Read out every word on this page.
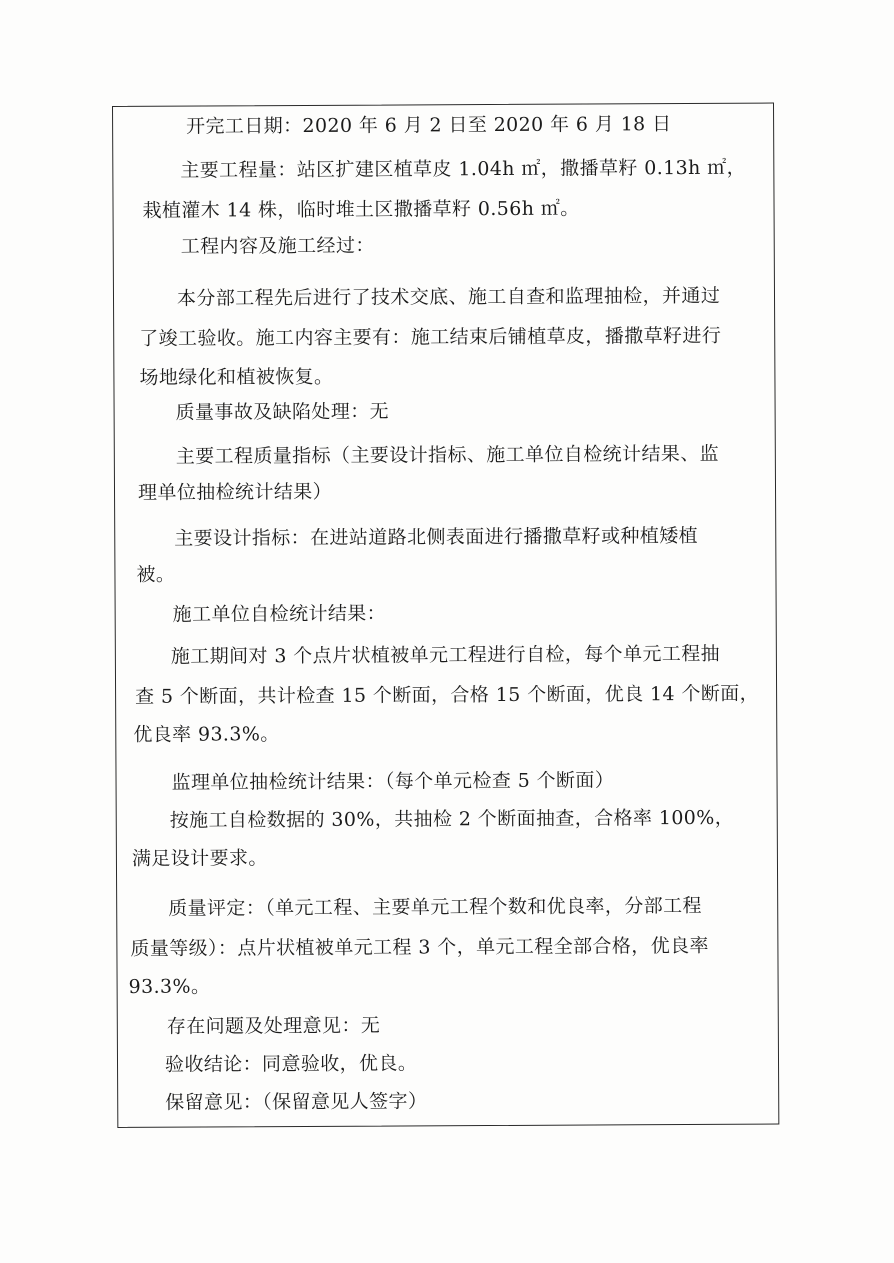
开完工日期：2020 年 6 月 2 日至 2020 年 6 月 18 日
主要工程量：站区扩建区植草皮 1.04h ㎡，撒播草籽 0.13h ㎡，
栽植灌木 14 株，临时堆土区撒播草籽 0.56h ㎡。
工程内容及施工经过：
本分部工程先后进行了技术交底、施工自查和监理抽检，并通过
了竣工验收。施工内容主要有：施工结束后铺植草皮，播撒草籽进行
场地绿化和植被恢复。
质量事故及缺陷处理：无
主要工程质量指标（主要设计指标、施工单位自检统计结果、监
理单位抽检统计结果）
主要设计指标：在进站道路北侧表面进行播撒草籽或种植矮植
被。
施工单位自检统计结果：
施工期间对 3 个点片状植被单元工程进行自检，每个单元工程抽
查 5 个断面，共计检查 15 个断面，合格 15 个断面，优良 14 个断面，
优良率 93.3%。
监理单位抽检统计结果：（每个单元检查 5 个断面）
按施工自检数据的 30%，共抽检 2 个断面抽查，合格率 100%，
满足设计要求。
质量评定：（单元工程、主要单元工程个数和优良率，分部工程
质量等级）：点片状植被单元工程 3 个，单元工程全部合格，优良率
93.3%。
存在问题及处理意见：无
验收结论：同意验收，优良。
保留意见：（保留意见人签字）
